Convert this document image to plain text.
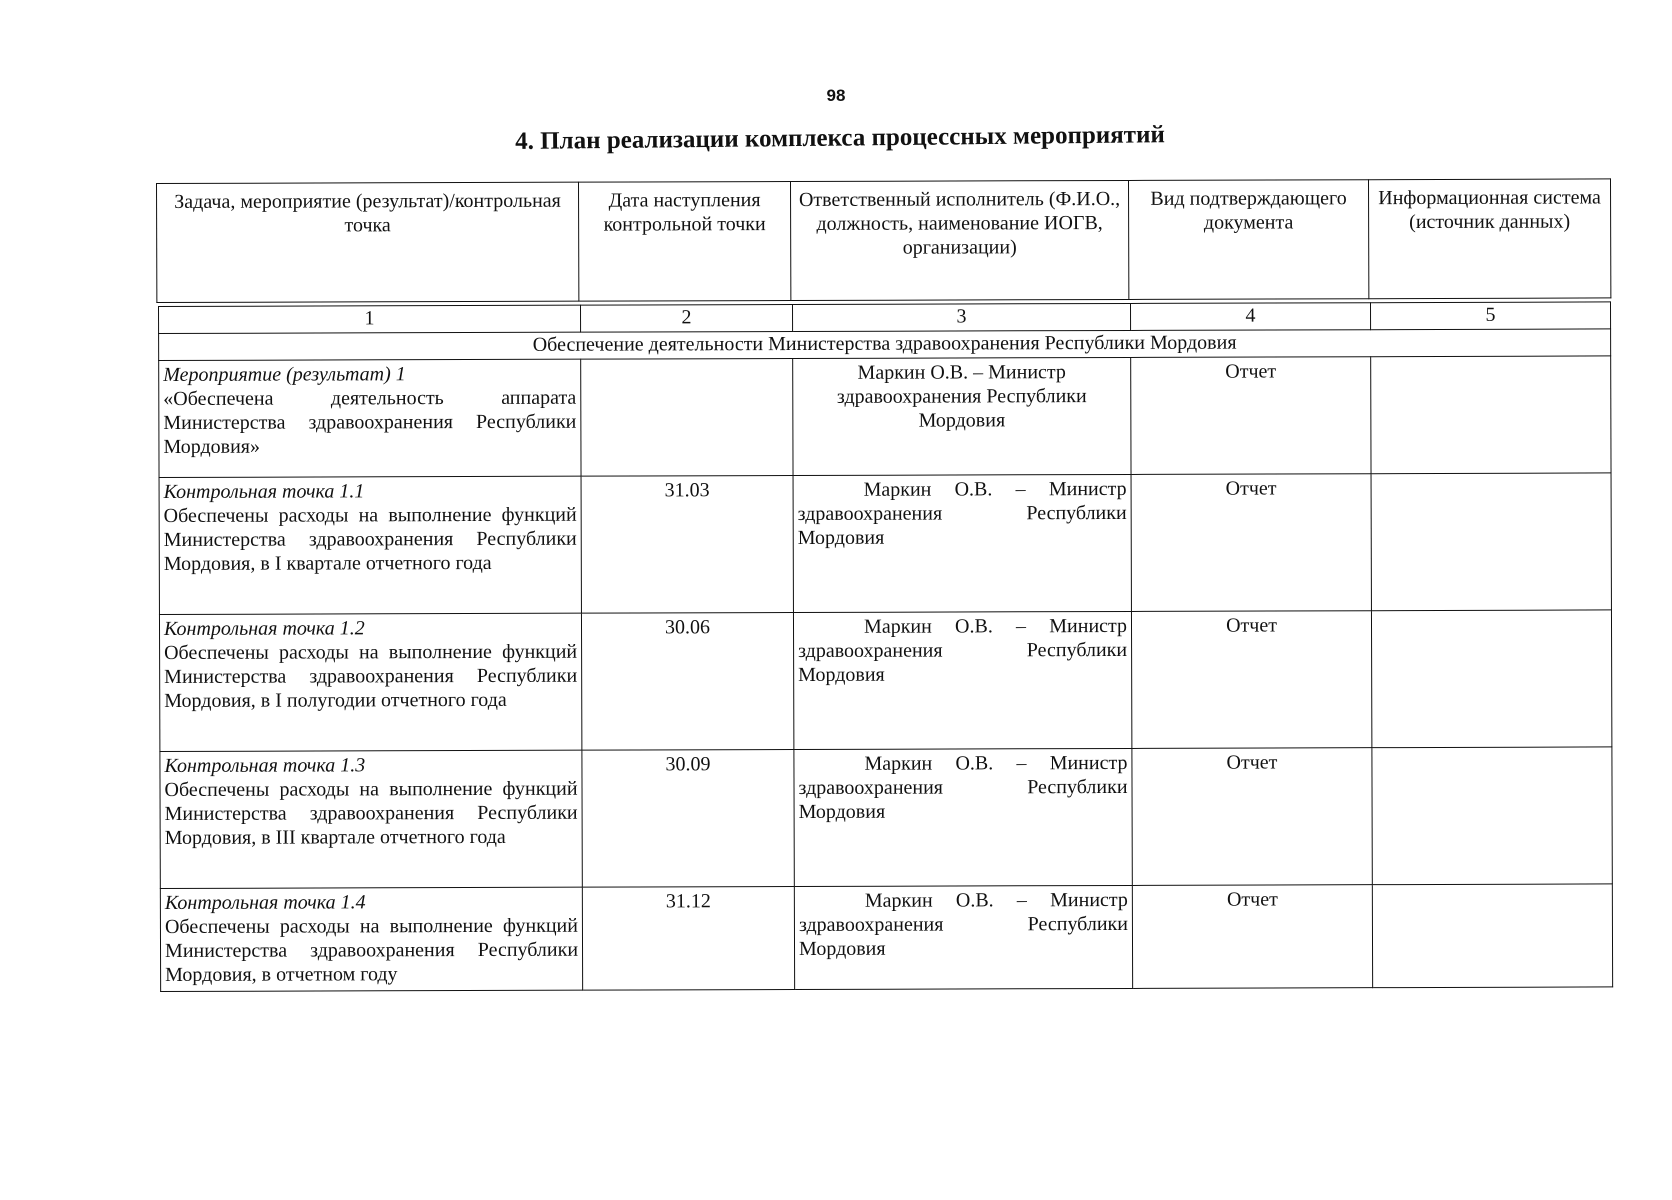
98
4. План реализации комплекса процессных мероприятий
Задача, мероприятие (результат)/контрольная точка	Дата наступления контрольной точки	Ответственный исполнитель (Ф.И.О., должность, наименование ИОГВ, организации)	Вид подтверждающего документа	Информационная система (источник данных)
1	2	3	4	5
Обеспечение деятельности Министерства здравоохранения Республики Мордовия				

Мероприятие (результат) 1
«Обеспечена деятельность аппарата Министерства здравоохранения Республики Мордовия»		Маркин О.В. – Министр здравоохранения Республики Мордовия	Отчет	

Контрольная точка 1.1
Обеспечены расходы на выполнение функций Министерства здравоохранения Республики Мордовия, в I квартале отчетного года	31.03	Маркин О.В. – Министр здравоохранения Республики Мордовия	Отчет	

Контрольная точка 1.2
Обеспечены расходы на выполнение функций Министерства здравоохранения Республики Мордовия, в I полугодии отчетного года	30.06	Маркин О.В. – Министр здравоохранения Республики Мордовия	Отчет	

Контрольная точка 1.3
Обеспечены расходы на выполнение функций Министерства здравоохранения Республики Мордовия, в III квартале отчетного года	30.09	Маркин О.В. – Министр здравоохранения Республики Мордовия	Отчет	

Контрольная точка 1.4
Обеспечены расходы на выполнение функций Министерства здравоохранения Республики Мордовия, в отчетном году	31.12	Маркин О.В. – Министр здравоохранения Республики Мордовия	Отчет	
